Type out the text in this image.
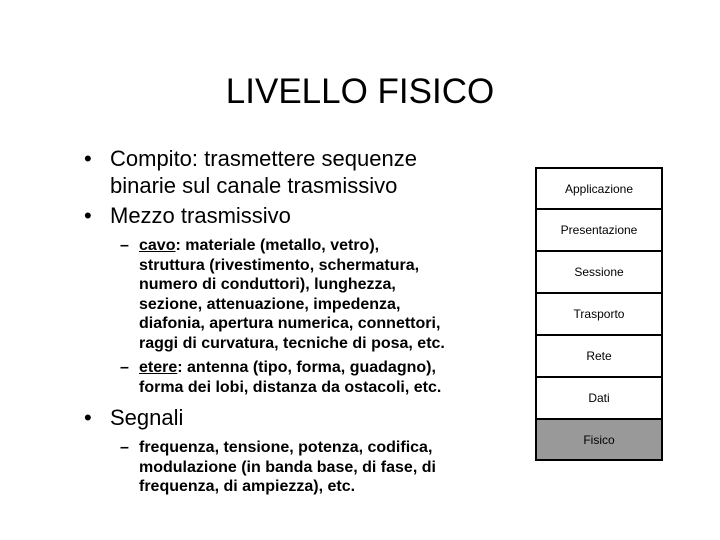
LIVELLO FISICO
• Compito: trasmettere sequenze
binarie sul canale trasmissivo
• Mezzo trasmissivo
– cavo: materiale (metallo, vetro),
struttura (rivestimento, schermatura,
numero di conduttori), lunghezza,
sezione, attenuazione, impedenza,
diafonia, apertura numerica, connettori,
raggi di curvatura, tecniche di posa, etc.
– etere: antenna (tipo, forma, guadagno),
forma dei lobi, distanza da ostacoli, etc.
• Segnali
– frequenza, tensione, potenza, codifica,
modulazione (in banda base, di fase, di
frequenza, di ampiezza), etc.
Applicazione
Presentazione
Sessione
Trasporto
Rete
Dati
Fisico
